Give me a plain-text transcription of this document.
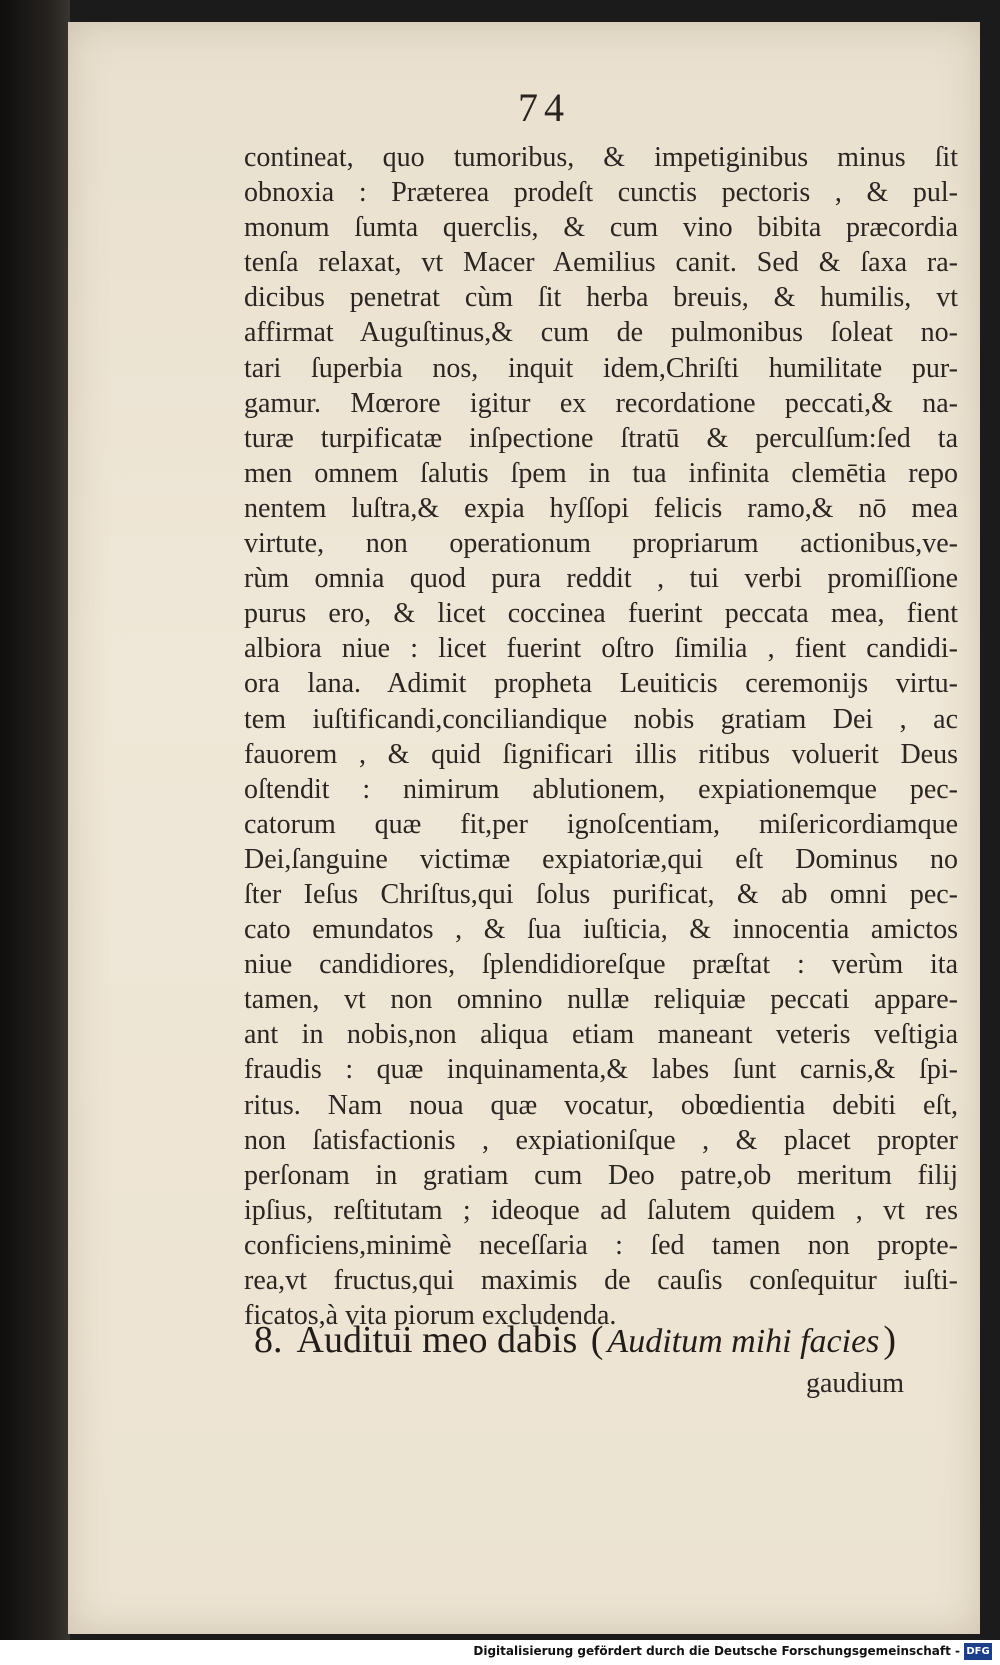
74
contineat, quo tumoribus, & impetiginibus minus ſit
obnoxia : Præterea prodeſt cunctis pectoris , & pul-
monum ſumta querclis, & cum vino bibita præcordia
tenſa relaxat, vt Macer Aemilius canit. Sed & ſaxa ra-
dicibus penetrat cùm ſit herba breuis, & humilis, vt
affirmat Auguſtinus,& cum de pulmonibus ſoleat no-
tari ſuperbia nos, inquit idem,Chriſti humilitate pur-
gamur. Mœrore igitur ex recordatione peccati,& na-
turæ turpificatæ inſpectione ſtratū & perculſum:ſed ta
men omnem ſalutis ſpem in tua infinita clemētia repo
nentem luſtra,& expia hyſſopi felicis ramo,& nō mea
virtute, non operationum propriarum actionibus,ve-
rùm omnia quod pura reddit , tui verbi promiſſione
purus ero, & licet coccinea fuerint peccata mea, fient
albiora niue : licet fuerint oſtro ſimilia , fient candidi-
ora lana. Adimit propheta Leuiticis ceremonijs virtu-
tem iuſtificandi,conciliandique nobis gratiam Dei , ac
fauorem , & quid ſignificari illis ritibus voluerit Deus
oſtendit : nimirum ablutionem, expiationemque pec-
catorum quæ fit,per ignoſcentiam, miſericordiamque
Dei,ſanguine victimæ expiatoriæ,qui eſt Dominus no
ſter Ieſus Chriſtus,qui ſolus purificat, & ab omni pec-
cato emundatos , & ſua iuſticia, & innocentia amictos
niue candidiores, ſplendidioreſque præſtat : verùm ita
tamen, vt non omnino nullæ reliquiæ peccati appare-
ant in nobis,non aliqua etiam maneant veteris veſtigia
fraudis : quæ inquinamenta,& labes ſunt carnis,& ſpi-
ritus. Nam noua quæ vocatur, obœdientia debiti eſt,
non ſatisfactionis , expiationiſque , & placet propter
perſonam in gratiam cum Deo patre,ob meritum filij
ipſius, reſtitutam ; ideoque ad ſalutem quidem , vt res
conficiens,minimè neceſſaria : ſed tamen non propte-
rea,vt fructus,qui maximis de cauſis conſequitur iuſti-
ficatos,à vita piorum excludenda.
8. Auditui meo dabis ( Auditum mihi facies )
gaudium
Digitalisierung gefördert durch die Deutsche Forschungsgemeinschaft - DFG
